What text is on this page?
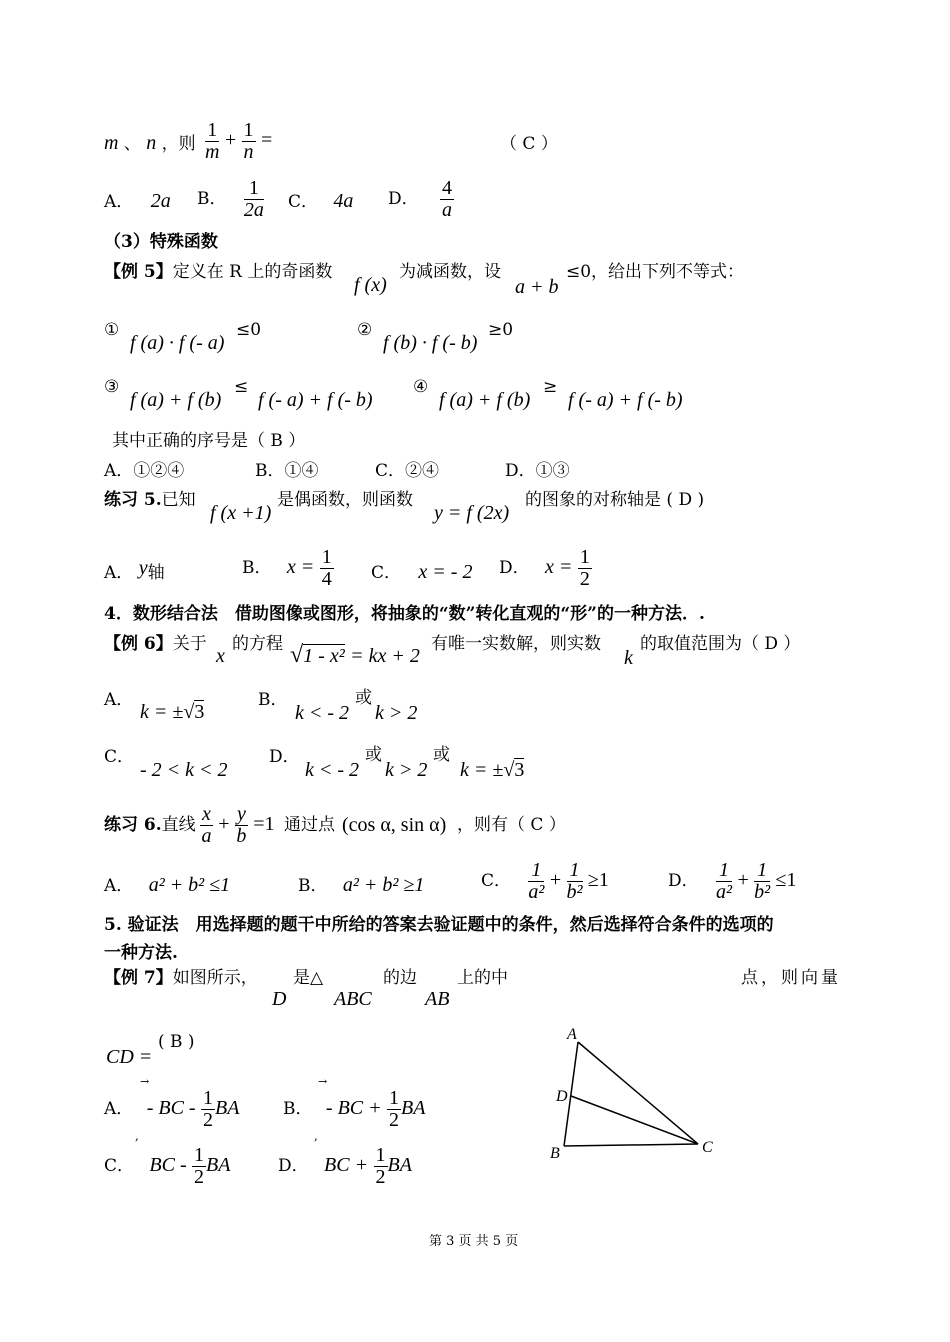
m 、 n ，则 $\frac{1}{m} + \frac{1}{n}$ =	（ C ）
A． 2a B． $\frac{1}{2a}$ C． 4a D． $\frac{4}{a}$
（3）特殊函数
【例 5】定义在 R 上的奇函数
f (x)
为减函数，设
a + b
≤0，给出下列不等式：
①
f (a) · f (- a)
≤0	②
f (b) · f (- b)
≥0
③
f (a) + f (b)
≤
f (- a) + f (- b)
④
f (a) + f (b)
≥
f (- a) + f (- b)
其中正确的序号是（ B ）
A．①②④	B．①④	C．②④	D．①③
练习 5.已知
f (x +1)
是偶函数，则函数
y = f (2x)
的图象的对称轴是 ( D )
A． y轴	B． $x = \frac{1}{4}$ C． x = - 2 D． $x = \frac{1}{2}$
4．数形结合法　借助图像或图形，将抽象的“数”转化直观的“形”的一种方法．.
【例 6】关于
x
的方程 √1 - x² = kx + 2
有唯一实数解，则实数
k
的取值范围为（ D ）
A．
k = ±√3
B．
k < - 2
或
k > 2
C．
- 2 < k < 2
D．
k < - 2
或
k > 2
或
k = ±√3
练习 6.直线 $\frac{x}{a} + \frac{y}{b} =1$ 通过点 (cos α, sin α) ，则有（ C ）
A． a² + b² ≤1	B． a² + b² ≥1	C． $\frac{1}{\text{a²}} + \frac{1}{\text{b²}} \ge 1$	D． $\frac{1}{\text{a²}} + \frac{1}{\text{b²}} \le 1$
5. 验证法　用选择题的题干中所给的答案去验证题中的条件，然后选择符合条件的选项的
一种方法.
【例 7】如图所示，
D
是△
ABC
的边
AB
上的中	点，则向量
CD =
( B )
→	→
A． - BC - $\frac{1}{2}$ BA	B． - BC + $\frac{1}{2}$ BA
,	,
C． BC - $\frac{1}{2}$ BA	D． BC + $\frac{1}{2}$ BA
A
D
B	C
第 3 页 共 5 页
